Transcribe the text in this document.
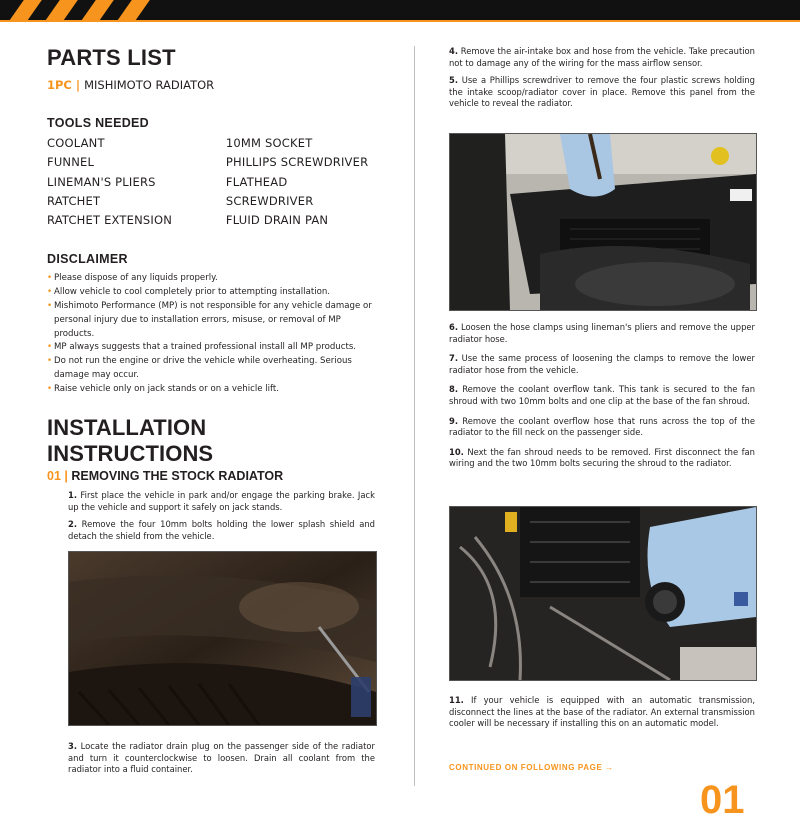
PARTS LIST
1PC | MISHIMOTO RADIATOR
TOOLS NEEDED
COOLANT
FUNNEL
LINEMAN'S PLIERS
RATCHET
RATCHET EXTENSION
10MM SOCKET
PHILLIPS SCREWDRIVER
FLATHEAD SCREWDRIVER
FLUID DRAIN PAN
DISCLAIMER
• Please dispose of any liquids properly.
• Allow vehicle to cool completely prior to attempting installation.
• Mishimoto Performance (MP) is not responsible for any vehicle damage or personal injury due to installation errors, misuse, or removal of MP products.
• MP always suggests that a trained professional install all MP products.
• Do not run the engine or drive the vehicle while overheating. Serious damage may occur.
• Raise vehicle only on jack stands or on a vehicle lift.
INSTALLATION INSTRUCTIONS
01 | REMOVING THE STOCK RADIATOR

1. First place the vehicle in park and/or engage the parking brake. Jack up the vehicle and support it safely on jack stands.

2. Remove the four 10mm bolts holding the lower splash shield and detach the shield from the vehicle.

3. Locate the radiator drain plug on the passenger side of the radiator and turn it counterclockwise to loosen. Drain all coolant from the radiator into a fluid container.

4. Remove the air-intake box and hose from the vehicle. Take precaution not to damage any of the wiring for the mass airflow sensor.

5. Use a Phillips screwdriver to remove the four plastic screws holding the intake scoop/radiator cover in place. Remove this panel from the vehicle to reveal the radiator.

6. Loosen the hose clamps using lineman's pliers and remove the upper radiator hose.

7. Use the same process of loosening the clamps to remove the lower radiator hose from the vehicle.

8. Remove the coolant overflow tank. This tank is secured to the fan shroud with two 10mm bolts and one clip at the base of the fan shroud.

9. Remove the coolant overflow hose that runs across the top of the radiator to the fill neck on the passenger side.

10. Next the fan shroud needs to be removed. First disconnect the fan wiring and the two 10mm bolts securing the shroud to the radiator.

11. If your vehicle is equipped with an automatic transmission, disconnect the lines at the base of the radiator. An external transmission cooler will be necessary if installing this on an automatic model.

CONTINUED ON FOLLOWING PAGE →
01
